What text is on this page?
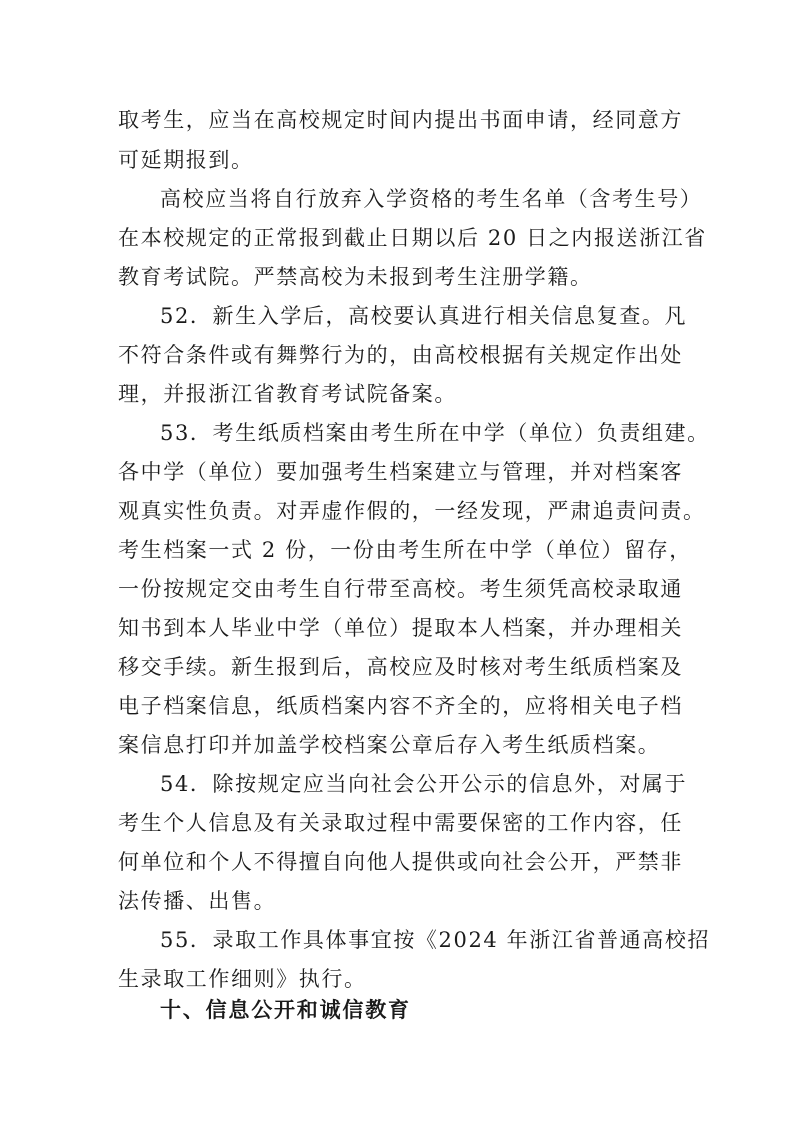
取考生，应当在高校规定时间内提出书面申请，经同意方
可延期报到。
高校应当将自行放弃入学资格的考生名单（含考生号）
在本校规定的正常报到截止日期以后 20 日之内报送浙江省
教育考试院。严禁高校为未报到考生注册学籍。
52．新生入学后，高校要认真进行相关信息复查。凡
不符合条件或有舞弊行为的，由高校根据有关规定作出处
理，并报浙江省教育考试院备案。
53．考生纸质档案由考生所在中学（单位）负责组建。
各中学（单位）要加强考生档案建立与管理，并对档案客
观真实性负责。对弄虚作假的，一经发现，严肃追责问责。
考生档案一式 2 份，一份由考生所在中学（单位）留存，
一份按规定交由考生自行带至高校。考生须凭高校录取通
知书到本人毕业中学（单位）提取本人档案，并办理相关
移交手续。新生报到后，高校应及时核对考生纸质档案及
电子档案信息，纸质档案内容不齐全的，应将相关电子档
案信息打印并加盖学校档案公章后存入考生纸质档案。
54．除按规定应当向社会公开公示的信息外，对属于
考生个人信息及有关录取过程中需要保密的工作内容，任
何单位和个人不得擅自向他人提供或向社会公开，严禁非
法传播、出售。
55．录取工作具体事宜按《2024 年浙江省普通高校招
生录取工作细则》执行。
十、信息公开和诚信教育
